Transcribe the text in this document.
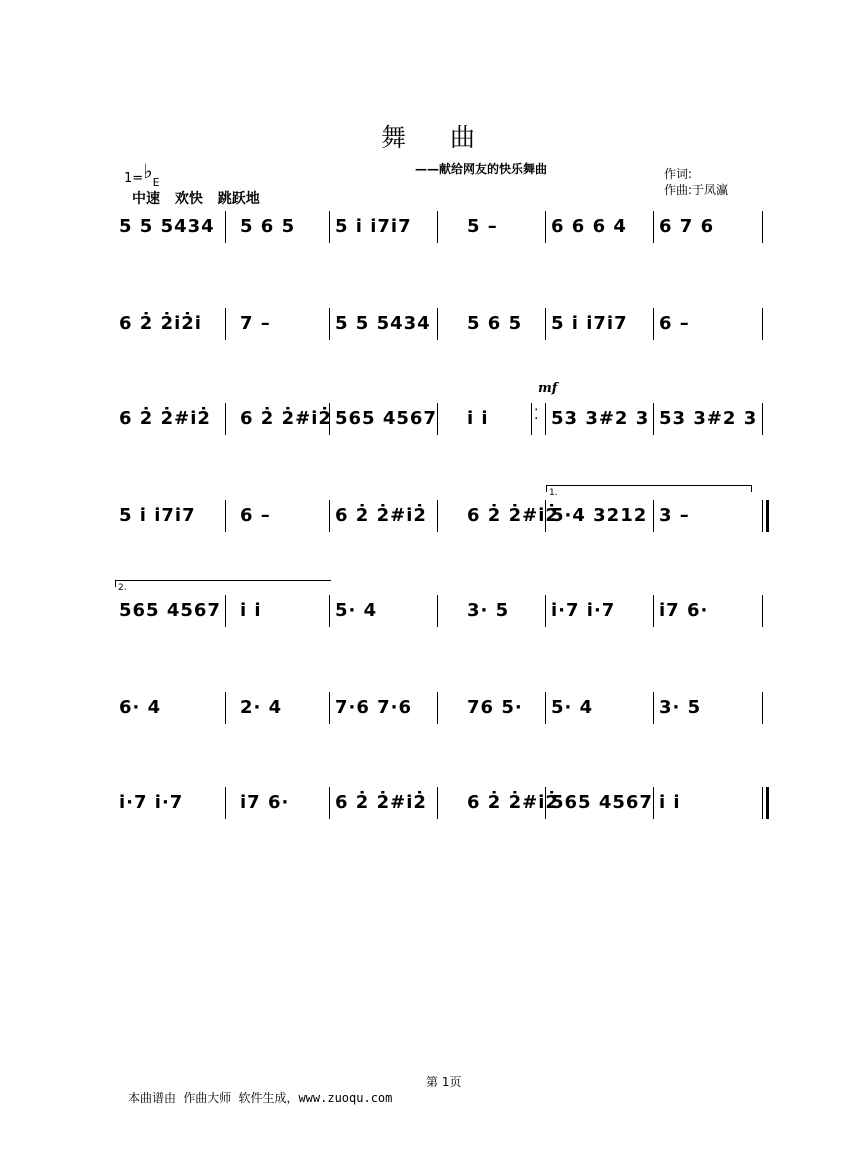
舞 曲
——献给网友的快乐舞曲	作词:
作曲:于凤瀛
$1=♭_E$
中速 欢快 跳跃地
mf
5 5 5434 5 6 5 5 i̇ i̇7i̇7	5 –	6 6 6 4 6 7 6
6 2̇ 2̇i̇2̇i̇ 7 –	5 5 5434 5 6 5 5 i̇ i̇7i̇7 6 –
6 2̇ 2̇#i̇2̇ 6 2̇ 2̇#i̇2̇ 565 4567 i̇ i̇	53 3#2 3 53 3#2 3
⁚
5 i̇ i̇7i̇7 6 –	6 2̇ 2̇#i̇2̇ 6 2̇ 2̇#i̇2̇
5·4 3212 3 –
565 4567 i̇ i̇	5· 4	3· 5 i̇·7 i̇·7 i̇7 6·
6· 4	2· 4	7·6 7·6	76 5· 5· 4	3· 5
i̇·7 i̇·7	i̇7 6·	6 2̇ 2̇#i̇2̇ 6 2̇ 2̇#i̇2̇
565 4567 i̇ i̇
第 1页
本曲谱由 作曲大师 软件生成，www.zuoqu.com
1.
2.
